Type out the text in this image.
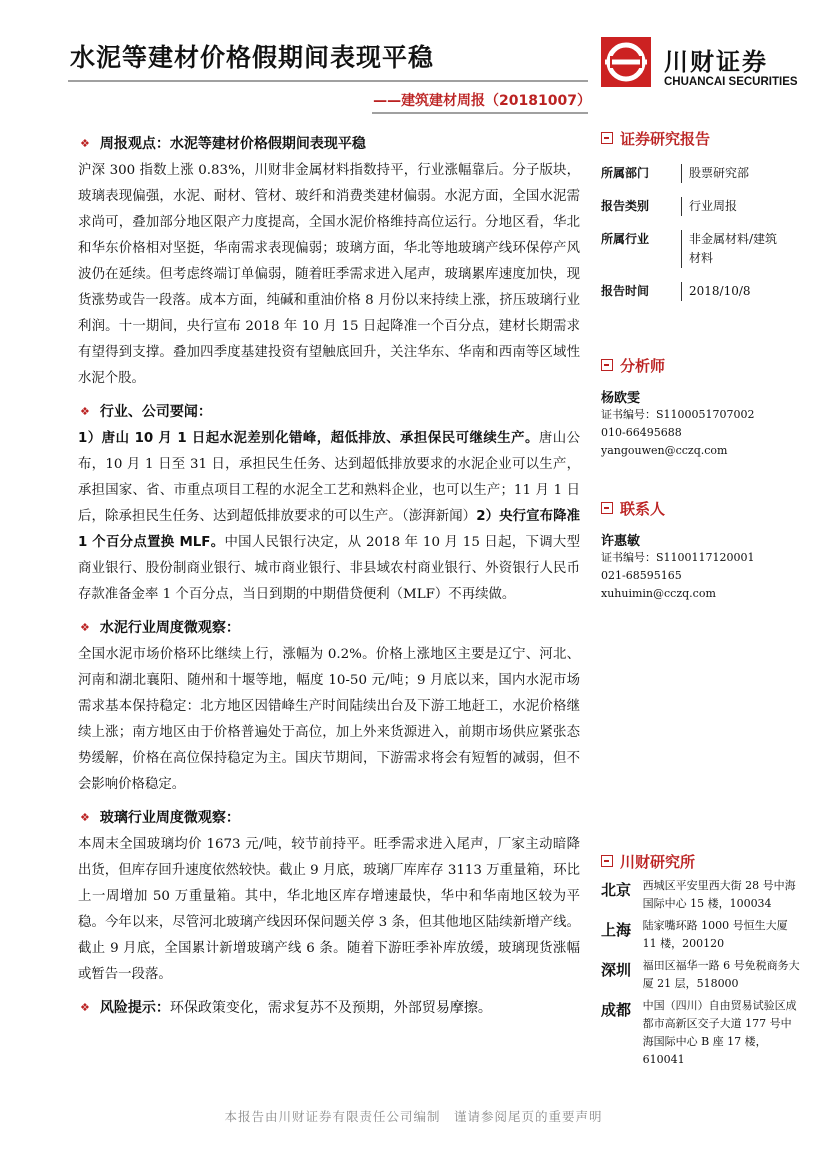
水泥等建材价格假期间表现平稳
——建筑建材周报（20181007）
川财证券
CHUANCAI SECURITIES
❖ 周报观点：水泥等建材价格假期间表现平稳
沪深 300 指数上涨 0.83%，川财非金属材料指数持平，行业涨幅靠后。分子版块，玻璃表现偏强，水泥、耐材、管材、玻纤和消费类建材偏弱。水泥方面，全国水泥需求尚可，叠加部分地区限产力度提高，全国水泥价格维持高位运行。分地区看，华北和华东价格相对坚挺，华南需求表现偏弱；玻璃方面，华北等地玻璃产线环保停产风波仍在延续。但考虑终端订单偏弱，随着旺季需求进入尾声，玻璃累库速度加快，现货涨势或告一段落。成本方面，纯碱和重油价格 8 月份以来持续上涨，挤压玻璃行业利润。十一期间，央行宣布 2018 年 10 月 15 日起降准一个百分点，建材长期需求有望得到支撑。叠加四季度基建投资有望触底回升，关注华东、华南和西南等区域性水泥个股。
❖ 行业、公司要闻：
1）唐山 10 月 1 日起水泥差别化错峰，超低排放、承担保民可继续生产。唐山公布，10 月 1 日至 31 日，承担民生任务、达到超低排放要求的水泥企业可以生产，承担国家、省、市重点项目工程的水泥全工艺和熟料企业，也可以生产；11 月 1 日后，除承担民生任务、达到超低排放要求的可以生产。（澎湃新闻）2）央行宣布降准 1 个百分点置换 MLF。中国人民银行决定，从 2018 年 10 月 15 日起，下调大型商业银行、股份制商业银行、城市商业银行、非县域农村商业银行、外资银行人民币存款准备金率 1 个百分点，当日到期的中期借贷便利（MLF）不再续做。
❖ 水泥行业周度微观察：
全国水泥市场价格环比继续上行，涨幅为 0.2%。价格上涨地区主要是辽宁、河北、河南和湖北襄阳、随州和十堰等地，幅度 10-50 元/吨；9 月底以来，国内水泥市场需求基本保持稳定：北方地区因错峰生产时间陆续出台及下游工地赶工，水泥价格继续上涨；南方地区由于价格普遍处于高位，加上外来货源进入，前期市场供应紧张态势缓解，价格在高位保持稳定为主。国庆节期间，下游需求将会有短暂的减弱，但不会影响价格稳定。
❖ 玻璃行业周度微观察：
本周末全国玻璃均价 1673 元/吨，较节前持平。旺季需求进入尾声，厂家主动暗降出货，但库存回升速度依然较快。截止 9 月底，玻璃厂库库存 3113 万重量箱，环比上一周增加 50 万重量箱。其中，华北地区库存增速最快，华中和华南地区较为平稳。今年以来，尽管河北玻璃产线因环保问题关停 3 条，但其他地区陆续新增产线。截止 9 月底，全国累计新增玻璃产线 6 条。随着下游旺季补库放缓，玻璃现货涨幅或暂告一段落。
❖ 风险提示： 环保政策变化，需求复苏不及预期，外部贸易摩擦。
证券研究报告
所属部门	股票研究部
报告类别	行业周报
所属行业	非金属材料/建筑材料
报告时间	2018/10/8
分析师
杨欧雯
证书编号：S1100051707002
010-66495688
yangouwen@cczq.com
联系人
许惠敏
证书编号：S1100117120001
021-68595165
xuhuimin@cczq.com
川财研究所
北京	西城区平安里西大街 28 号中海国际中心 15 楼，100034
上海	陆家嘴环路 1000 号恒生大厦 11 楼，200120
深圳	福田区福华一路 6 号免税商务大厦 21 层，518000
成都	中国（四川）自由贸易试验区成都市高新区交子大道 177 号中海国际中心 B 座 17 楼，610041
本报告由川财证券有限责任公司编制　谨请参阅尾页的重要声明
